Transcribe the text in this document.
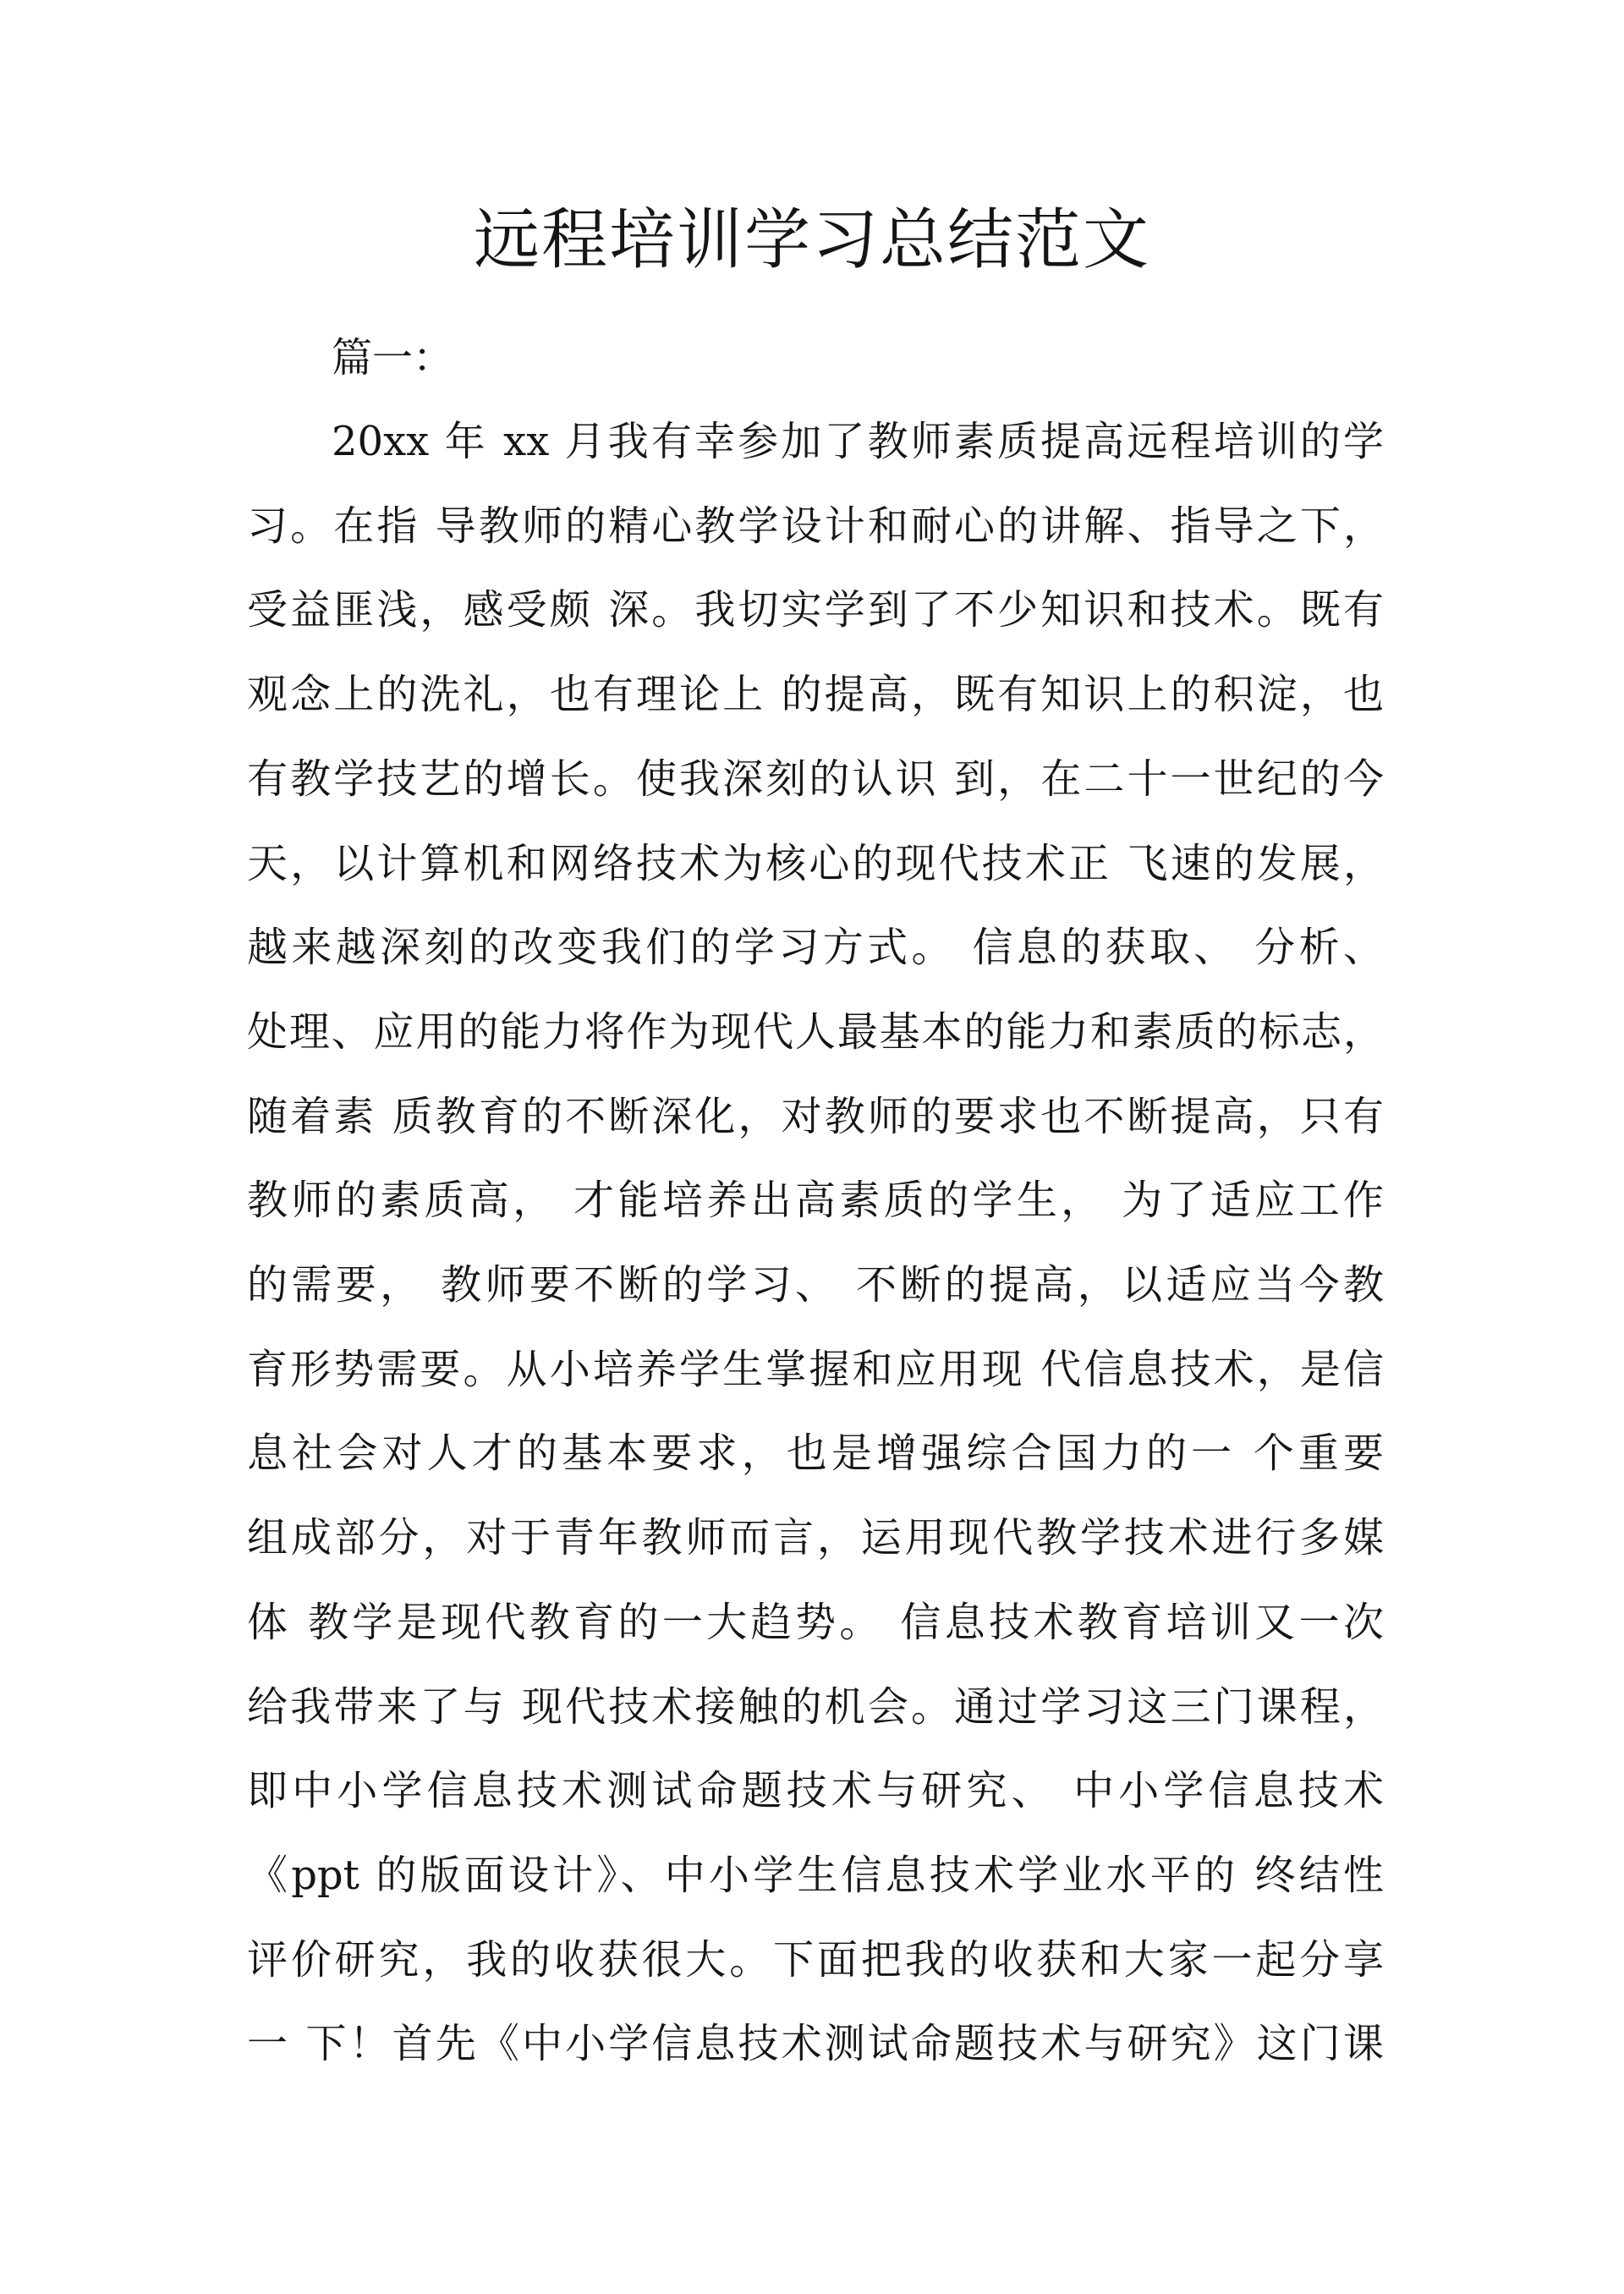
远程培训学习总结范文
篇一：
20xx 年 xx 月我有幸参加了教师素质提高远程培训的学
习。在指 导教师的精心教学设计和耐心的讲解、指导之下，
受益匪浅，感受颇 深。我切实学到了不少知识和技术。既有
观念上的洗礼，也有理论上 的提高，既有知识上的积淀，也
有教学技艺的增长。使我深刻的认识 到，在二十一世纪的今
天，以计算机和网络技术为核心的现代技术正 飞速的发展，
越来越深刻的改变我们的学习方式。 信息的获取、 分析、
处理、应用的能力将作为现代人最基本的能力和素质的标志，
随着素 质教育的不断深化，对教师的要求也不断提高，只有
教师的素质高， 才能培养出高素质的学生， 为了适应工作
的需要， 教师要不断的学习、 不断的提高，以适应当今教
育形势需要。从小培养学生掌握和应用现 代信息技术，是信
息社会对人才的基本要求，也是增强综合国力的一 个重要
组成部分，对于青年教师而言，运用现代教学技术进行多媒
体 教学是现代教育的一大趋势。 信息技术教育培训又一次
给我带来了与 现代技术接触的机会。通过学习这三门课程，
即中小学信息技术测试命题技术与研究、 中小学信息技术
《ppt 的版面设计》、中小学生信息技术学业水平的 终结性
评价研究，我的收获很大。下面把我的收获和大家一起分享
一 下！首先《中小学信息技术测试命题技术与研究》这门课
